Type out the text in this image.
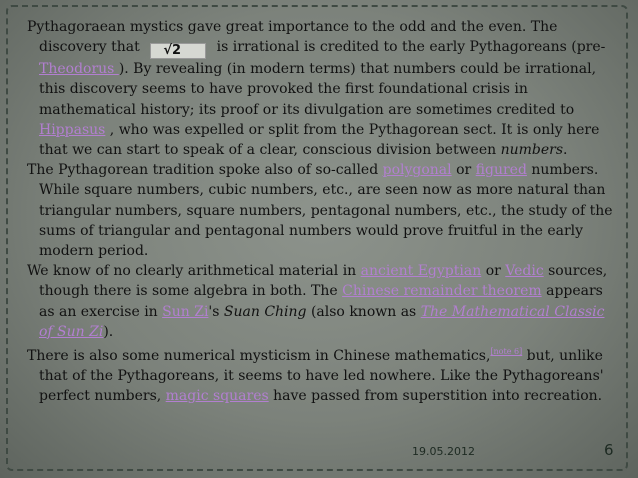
Pythagoraean mystics gave great importance to the odd and the even. The discovery that √2 is irrational is credited to the early Pythagoreans (pre-Theodorus ). By revealing (in modern terms) that numbers could be irrational, this discovery seems to have provoked the first foundational crisis in mathematical history; its proof or its divulgation are sometimes credited to Hippasus , who was expelled or split from the Pythagorean sect. It is only here that we can start to speak of a clear, conscious division between numbers.

The Pythagorean tradition spoke also of so-called polygonal or figured numbers. While square numbers, cubic numbers, etc., are seen now as more natural than triangular numbers, square numbers, pentagonal numbers, etc., the study of the sums of triangular and pentagonal numbers would prove fruitful in the early modern period.

We know of no clearly arithmetical material in ancient Egyptian or Vedic sources, though there is some algebra in both. The Chinese remainder theorem appears as an exercise in Sun Zi's Suan Ching (also known as The Mathematical Classic of Sun Zi).

There is also some numerical mysticism in Chinese mathematics,[note 6] but, unlike that of the Pythagoreans, it seems to have led nowhere. Like the Pythagoreans' perfect numbers, magic squares have passed from superstition into recreation.

19.05.2012	6
